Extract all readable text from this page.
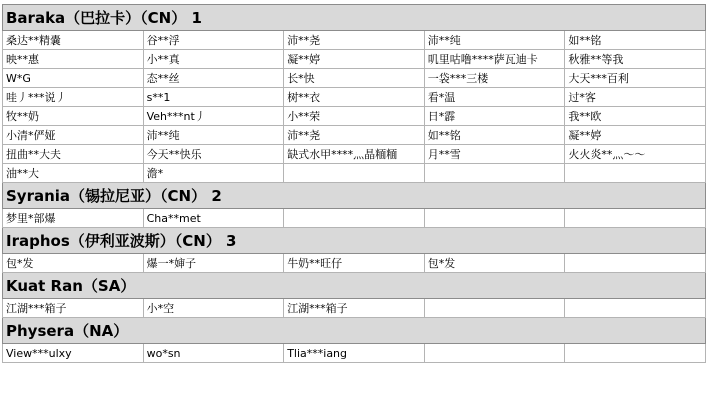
Baraka（巴拉卡）（CN） 1				
桑达**精嚢	谷**浮	沛**尧	沛**纯	如**铭
映**惠	小**真	凝**婷	叽里咕噜****萨瓦迪卡	秋雅**等我
W*G	态**丝	长*快	一袋***三楼	大天***百利
哇丿***说丿	s**1	树**衣	看*温	过*客
牧**奶	Veh***nt丿	小**荣	日*霹	我**欧
小清*俨娅	沛**纯	沛**尧	如**铭	凝**婷
扭曲**大夫	今天**快乐	缺式水甲****灬晶糆糆	月**雪	火火炎**灬～～
油**大	澹*			
Syrania（锡拉尼亚）（CN） 2				
梦里*部爆	Cha**met			
Iraphos（伊利亚波斯）（CN） 3				
包*发	爆一*婶子	牛奶**旺仔	包*发	
Kuat Ran（SA）				
江湖***箱子	小*空	江湖***箱子		
Physera（NA）				
View***ulxy	wo*sn	Tlia***iang		
